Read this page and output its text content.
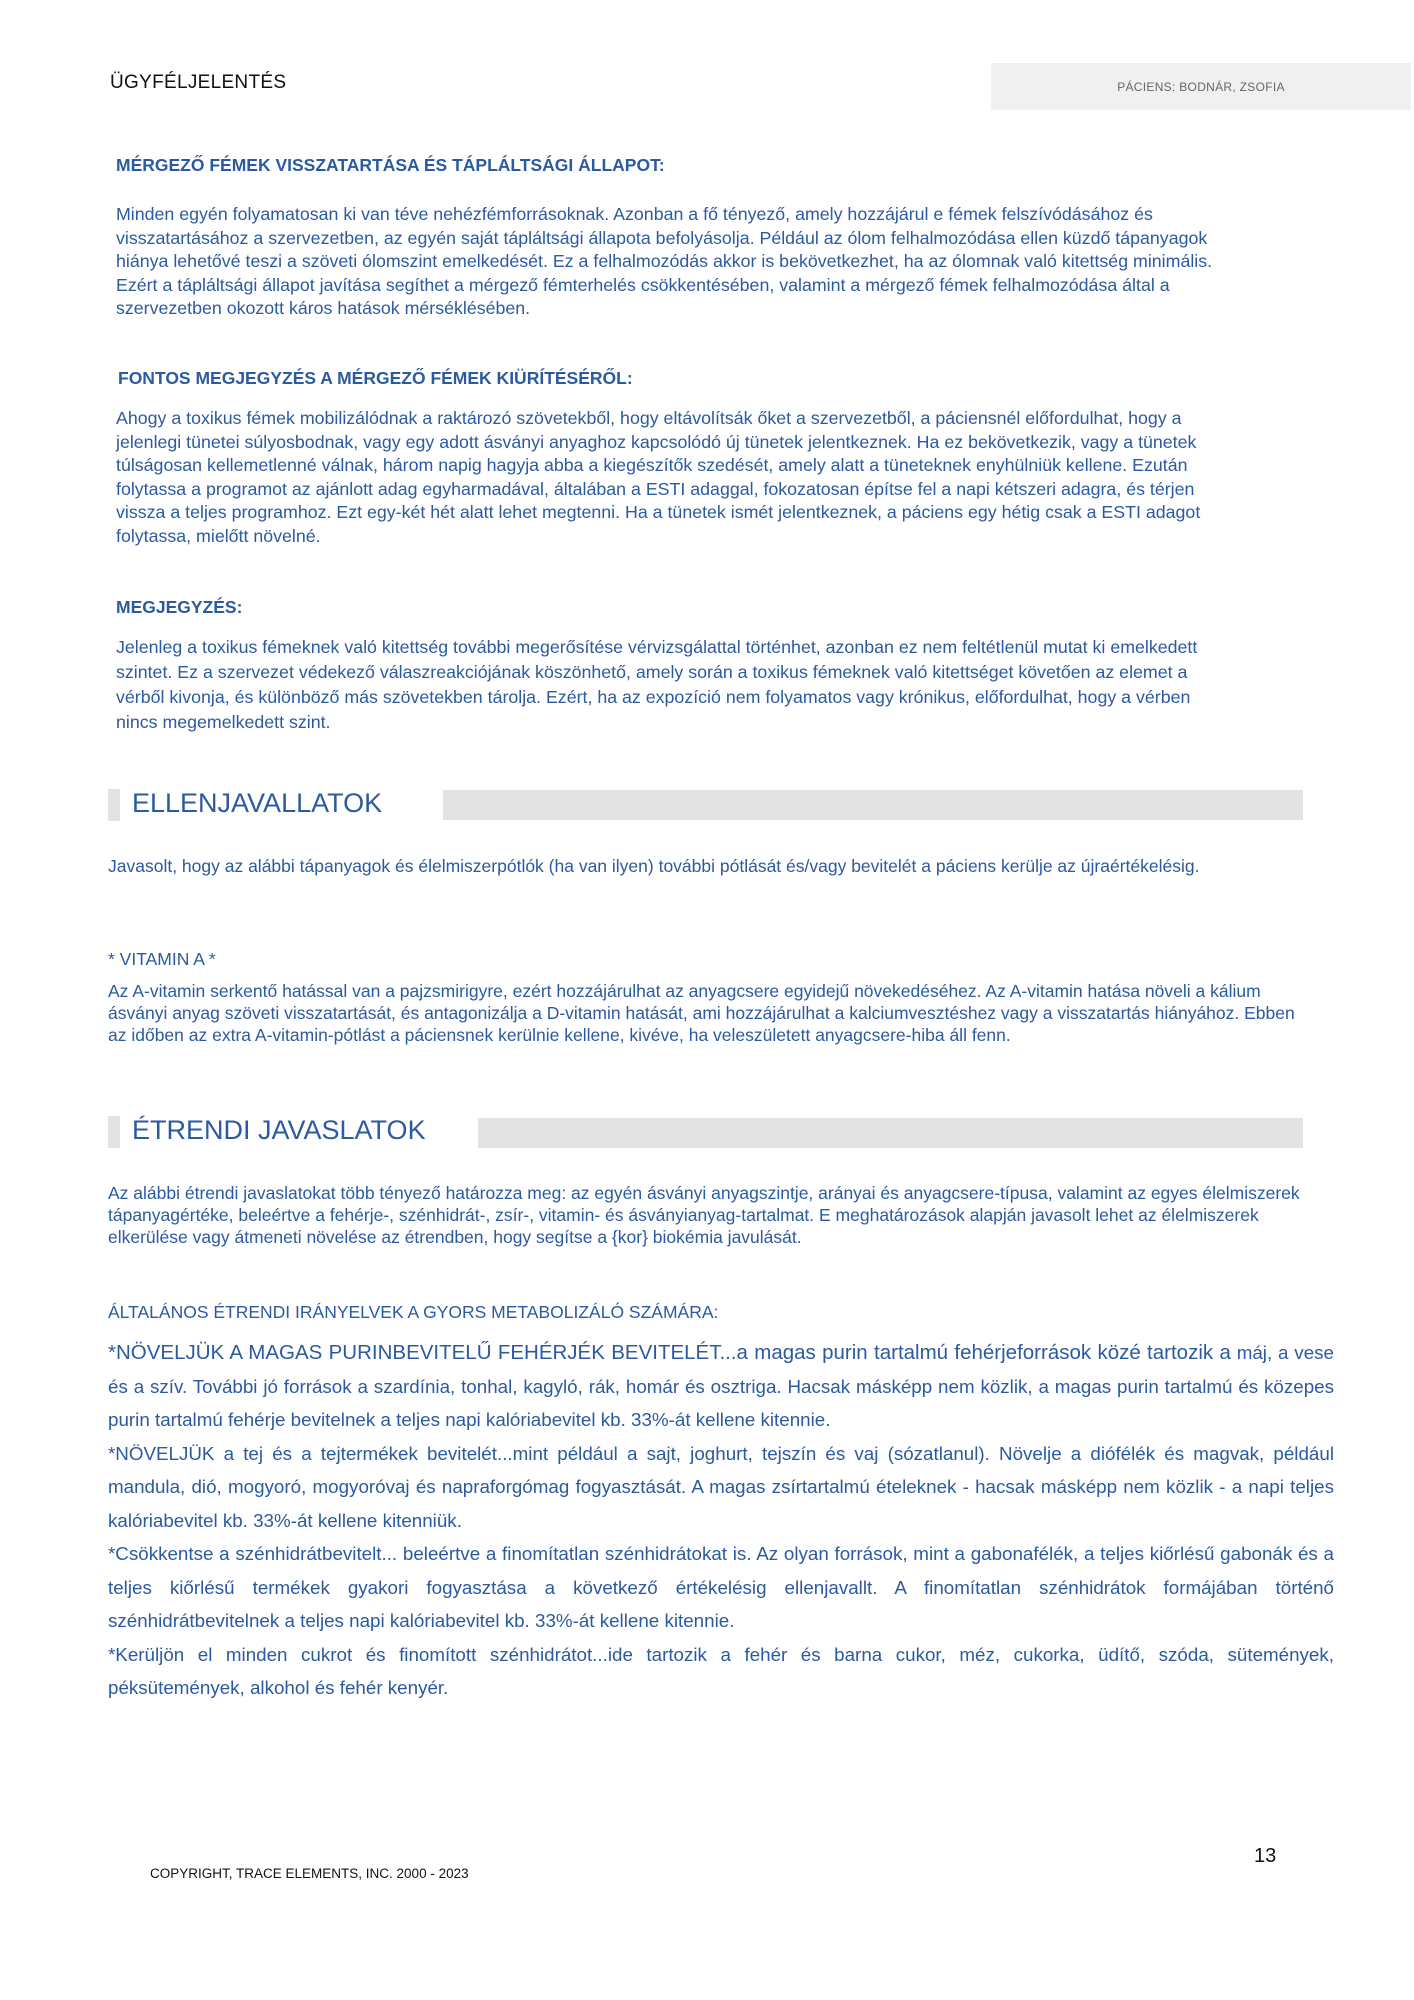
ÜGYFÉLJELENTÉS	PÁCIENS: BODNÁR, ZSOFIA
MÉRGEZŐ FÉMEK VISSZATARTÁSA ÉS TÁPLÁLTSÁGI ÁLLAPOT:
Minden egyén folyamatosan ki van téve nehézfémforrásoknak. Azonban a fő tényező, amely hozzájárul e fémek felszívódásához és visszatartásához a szervezetben, az egyén saját tápláltsági állapota befolyásolja. Például az ólom felhalmozódása ellen küzdő tápanyagok hiánya lehetővé teszi a szöveti ólomszint emelkedését. Ez a felhalmozódás akkor is bekövetkezhet, ha az ólomnak való kitettség minimális. Ezért a tápláltsági állapot javítása segíthet a mérgező fémterhelés csökkentésében, valamint a mérgező fémek felhalmozódása által a szervezetben okozott káros hatások mérséklésében.
FONTOS MEGJEGYZÉS A MÉRGEZŐ FÉMEK KIÜRÍTÉSÉRŐL:
Ahogy a toxikus fémek mobilizálódnak a raktározó szövetekből, hogy eltávolítsák őket a szervezetből, a páciensnél előfordulhat, hogy a jelenlegi tünetei súlyosbodnak, vagy egy adott ásványi anyaghoz kapcsolódó új tünetek jelentkeznek. Ha ez bekövetkezik, vagy a tünetek túlságosan kellemetlenné válnak, három napig hagyja abba a kiegészítők szedését, amely alatt a tüneteknek enyhülniük kellene. Ezután folytassa a programot az ajánlott adag egyharmadával, általában a ESTI adaggal, fokozatosan építse fel a napi kétszeri adagra, és térjen vissza a teljes programhoz. Ezt egy-két hét alatt lehet megtenni. Ha a tünetek ismét jelentkeznek, a páciens egy hétig csak a ESTI adagot folytassa, mielőtt növelné.
MEGJEGYZÉS:
Jelenleg a toxikus fémeknek való kitettség további megerősítése vérvizsgálattal történhet, azonban ez nem feltétlenül mutat ki emelkedett szintet. Ez a szervezet védekező válaszreakciójának köszönhető, amely során a toxikus fémeknek való kitettséget követően az elemet a vérből kivonja, és különböző más szövetekben tárolja. Ezért, ha az expozíció nem folyamatos vagy krónikus, előfordulhat, hogy a vérben nincs megemelkedett szint.
ELLENJAVALLATOK
Javasolt, hogy az alábbi tápanyagok és élelmiszerpótlók (ha van ilyen) további pótlását és/vagy bevitelét a páciens kerülje az újraértékelésig.
* VITAMIN A *
Az A-vitamin serkentő hatással van a pajzsmirigyre, ezért hozzájárulhat az anyagcsere egyidejű növekedéséhez. Az A-vitamin hatása növeli a kálium ásványi anyag szöveti visszatartását, és antagonizálja a D-vitamin hatását, ami hozzájárulhat a kalciumvesztéshez vagy a visszatartás hiányához. Ebben az időben az extra A-vitamin-pótlást a páciensnek kerülnie kellene, kivéve, ha veleszületett anyagcsere-hiba áll fenn.
ÉTRENDI JAVASLATOK
Az alábbi étrendi javaslatokat több tényező határozza meg: az egyén ásványi anyagszintje, arányai és anyagcsere-típusa, valamint az egyes élelmiszerek tápanyagértéke, beleértve a fehérje-, szénhidrát-, zsír-, vitamin- és ásványianyag-tartalmat. E meghatározások alapján javasolt lehet az élelmiszerek elkerülése vagy átmeneti növelése az étrendben, hogy segítse a {kor} biokémia javulását.
ÁLTALÁNOS ÉTRENDI IRÁNYELVEK A GYORS METABOLIZÁLÓ SZÁMÁRA:

*NÖVELJÜK A MAGAS PURINBEVITELŰ FEHÉRJÉK BEVITELÉT...a magas purin tartalmú fehérjeforrások közé tartozik a máj, a vese és a szív. További jó források a szardínia, tonhal, kagyló, rák, homár és osztriga. Hacsak másképp nem közlik, a magas purin tartalmú és közepes purin tartalmú fehérje bevitelnek a teljes napi kalóriabevitel kb. 33%-át kellene kitennie.

*NÖVELJÜK a tej és a tejtermékek bevitelét...mint például a sajt, joghurt, tejszín és vaj (sózatlanul). Növelje a diófélék és magvak, például mandula, dió, mogyoró, mogyoróvaj és napraforgómag fogyasztását. A magas zsírtartalmú ételeknek - hacsak másképp nem közlik - a napi teljes kalóriabevitel kb. 33%-át kellene kitenniük.

*Csökkentse a szénhidrátbevitelt... beleértve a finomítatlan szénhidrátokat is. Az olyan források, mint a gabonafélék, a teljes kiőrlésű gabonák és a teljes kiőrlésű termékek gyakori fogyasztása a következő értékelésig ellenjavallt. A finomítatlan szénhidrátok formájában történő szénhidrátbevitelnek a teljes napi kalóriabevitel kb. 33%-át kellene kitennie.

*Kerüljön el minden cukrot és finomított szénhidrátot...ide tartozik a fehér és barna cukor, méz, cukorka, üdítő, szóda, sütemények, péksütemények, alkohol és fehér kenyér.

COPYRIGHT, TRACE ELEMENTS, INC. 2000 - 2023
13
